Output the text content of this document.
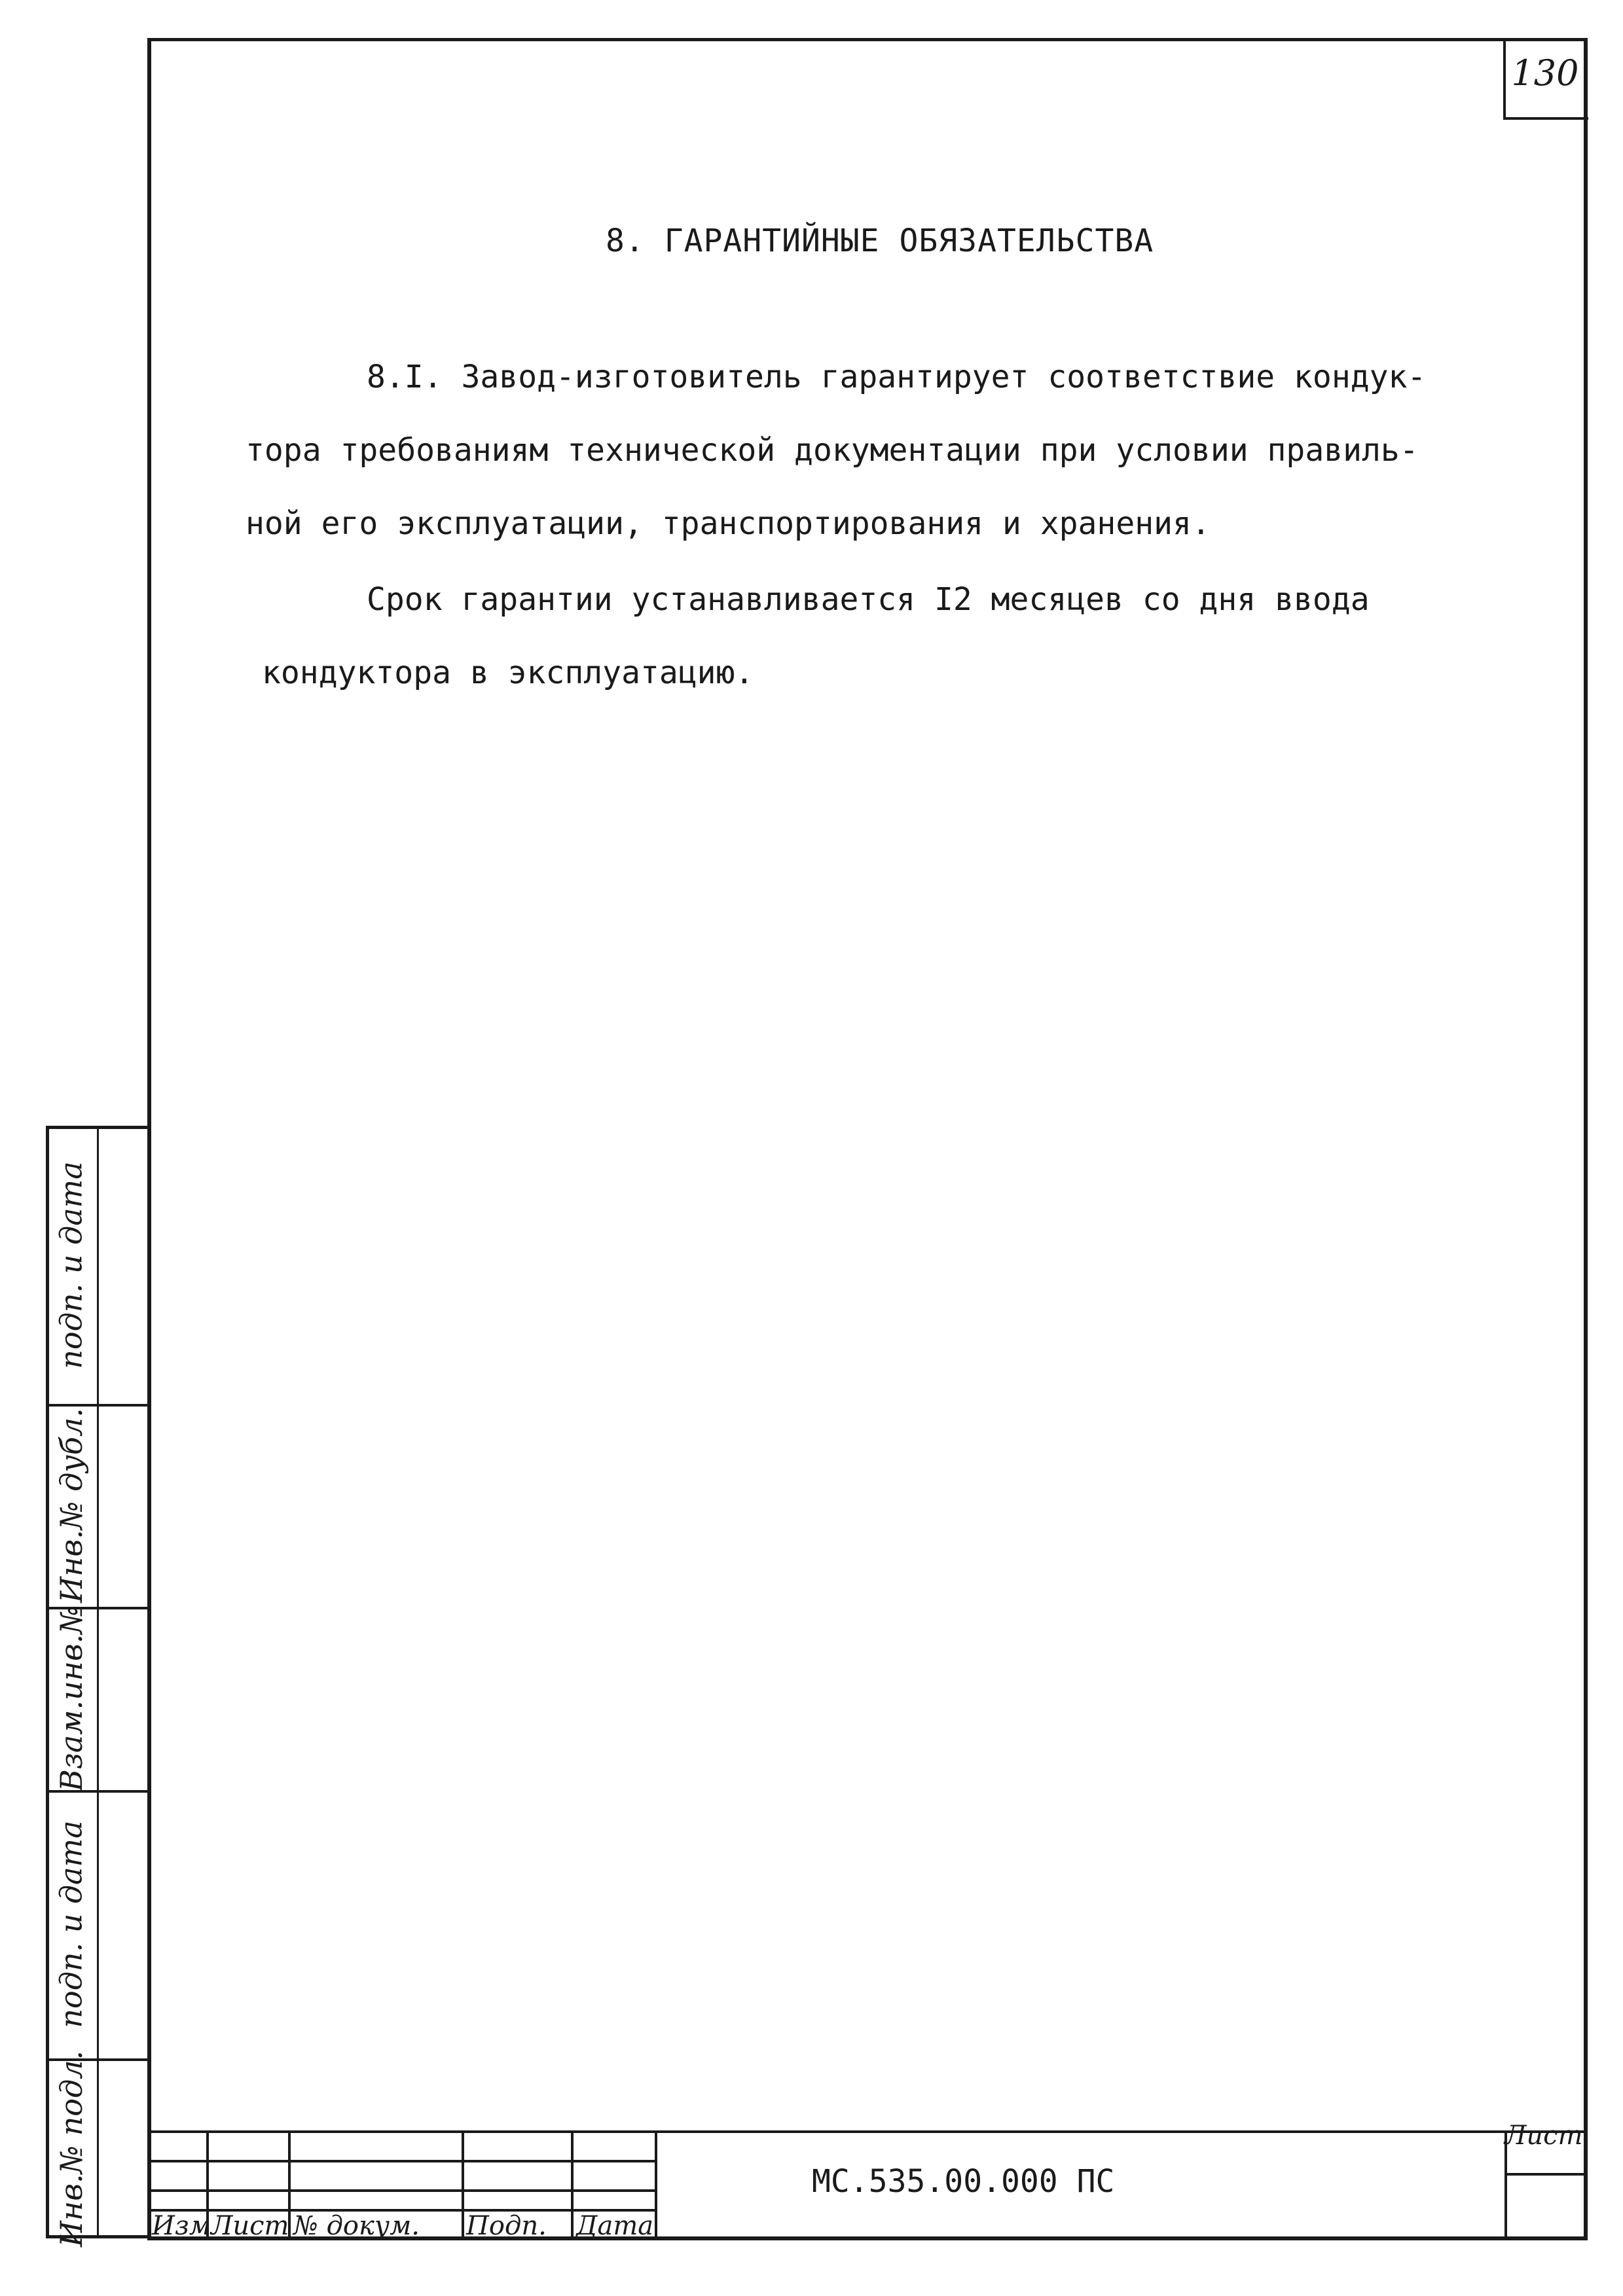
130
8. ГАРАНТИЙНЫЕ ОБЯЗАТЕЛЬСТВА
8.I. Завод-изготовитель гарантирует соответствие кондук-
тора требованиям технической документации при условии правиль-
ной его эксплуатации, транспортирования и хранения.
Срок гарантии устанавливается I2 месяцев со дня ввода
кондуктора в эксплуатацию.
Инв.№ подл.
подп. и дата
Взам.инв.№
Инв.№ дубл.
подп. и дата
Изм Лист № докум. Подп. Дата
МС.535.00.000 ПС
Лист
